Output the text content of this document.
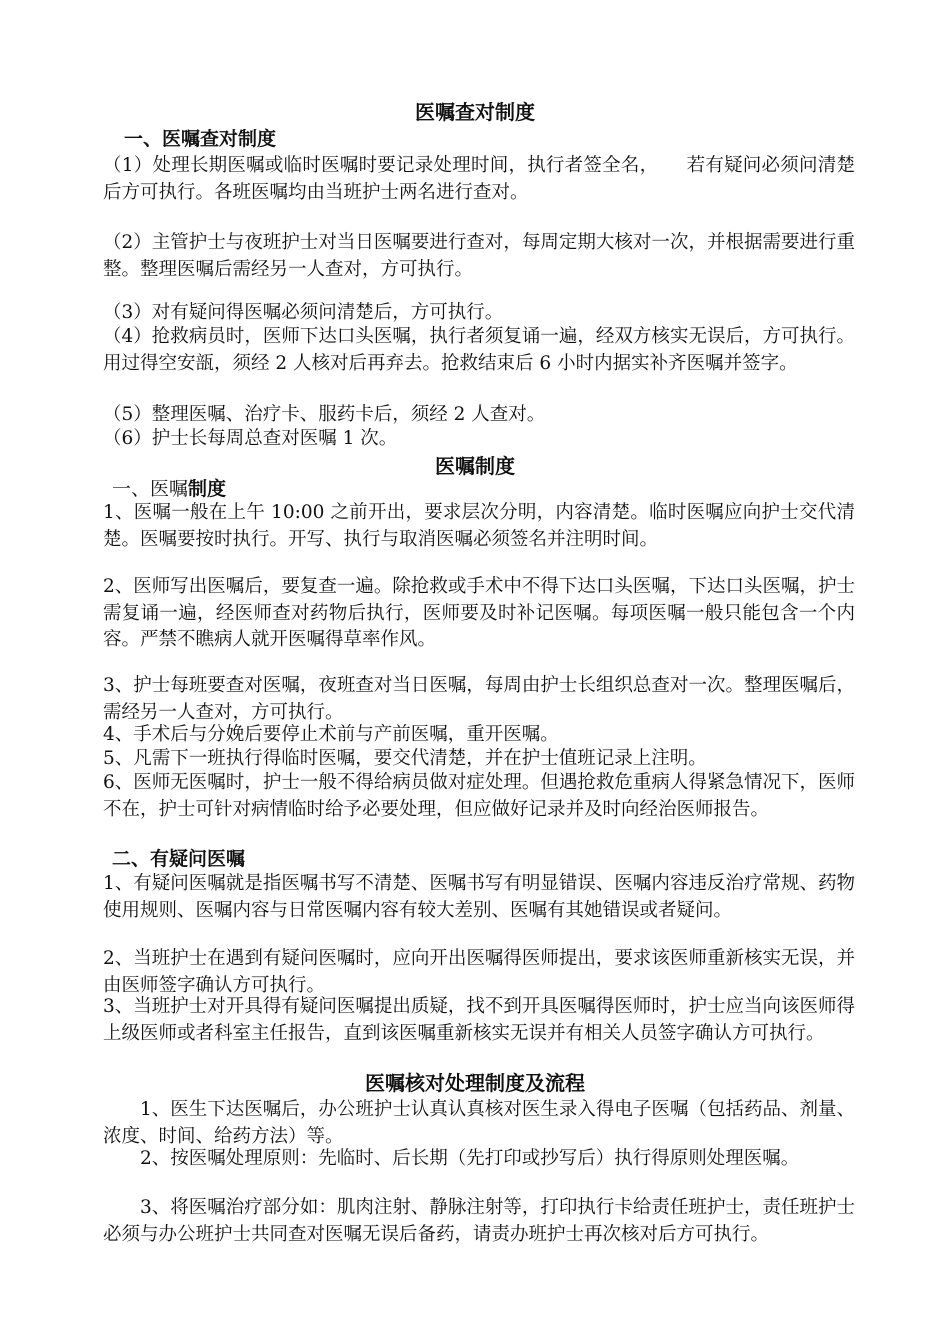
医嘱查对制度
一、医嘱查对制度
（1）处理长期医嘱或临时医嘱时要记录处理时间，执行者签全名， 若有疑问必须问清楚后方可执行。各班医嘱均由当班护士两名进行查对。
（2）主管护士与夜班护士对当日医嘱要进行查对，每周定期大核对一次，并根据需要进行重整。整理医嘱后需经另一人查对，方可执行。
（3）对有疑问得医嘱必须问清楚后，方可执行。
（4）抢救病员时，医师下达口头医嘱，执行者须复诵一遍，经双方核实无误后，方可执行。用过得空安瓿，须经 2 人核对后再弃去。抢救结束后 6 小时内据实补齐医嘱并签字。
（5）整理医嘱、治疗卡、服药卡后，须经 2 人查对。
（6）护士长每周总查对医嘱 1 次。
医嘱制度
一、医嘱制度
1、医嘱一般在上午 10:00 之前开出，要求层次分明，内容清楚。临时医嘱应向护士交代清楚。医嘱要按时执行。开写、执行与取消医嘱必须签名并注明时间。
2、医师写出医嘱后，要复查一遍。除抢救或手术中不得下达口头医嘱，下达口头医嘱，护士需复诵一遍，经医师查对药物后执行，医师要及时补记医嘱。每项医嘱一般只能包含一个内容。严禁不瞧病人就开医嘱得草率作风。
3、护士每班要查对医嘱，夜班查对当日医嘱，每周由护士长组织总查对一次。整理医嘱后，需经另一人查对，方可执行。
4、手术后与分娩后要停止术前与产前医嘱，重开医嘱。
5、凡需下一班执行得临时医嘱，要交代清楚，并在护士值班记录上注明。
6、医师无医嘱时，护士一般不得给病员做对症处理。但遇抢救危重病人得紧急情况下，医师不在，护士可针对病情临时给予必要处理，但应做好记录并及时向经治医师报告。
二、有疑问医嘱
1、有疑问医嘱就是指医嘱书写不清楚、医嘱书写有明显错误、医嘱内容违反治疗常规、药物使用规则、医嘱内容与日常医嘱内容有较大差别、医嘱有其她错误或者疑问。
2、当班护士在遇到有疑问医嘱时，应向开出医嘱得医师提出，要求该医师重新核实无误，并由医师签字确认方可执行。
3、当班护士对开具得有疑问医嘱提出质疑，找不到开具医嘱得医师时，护士应当向该医师得上级医师或者科室主任报告，直到该医嘱重新核实无误并有相关人员签字确认方可执行。
医嘱核对处理制度及流程
1、医生下达医嘱后，办公班护士认真认真核对医生录入得电子医嘱（包括药品、剂量、浓度、时间、给药方法）等。
2、按医嘱处理原则：先临时、后长期（先打印或抄写后）执行得原则处理医嘱。
3、将医嘱治疗部分如：肌肉注射、静脉注射等，打印执行卡给责任班护士，责任班护士必须与办公班护士共同查对医嘱无误后备药，请责办班护士再次核对后方可执行。
